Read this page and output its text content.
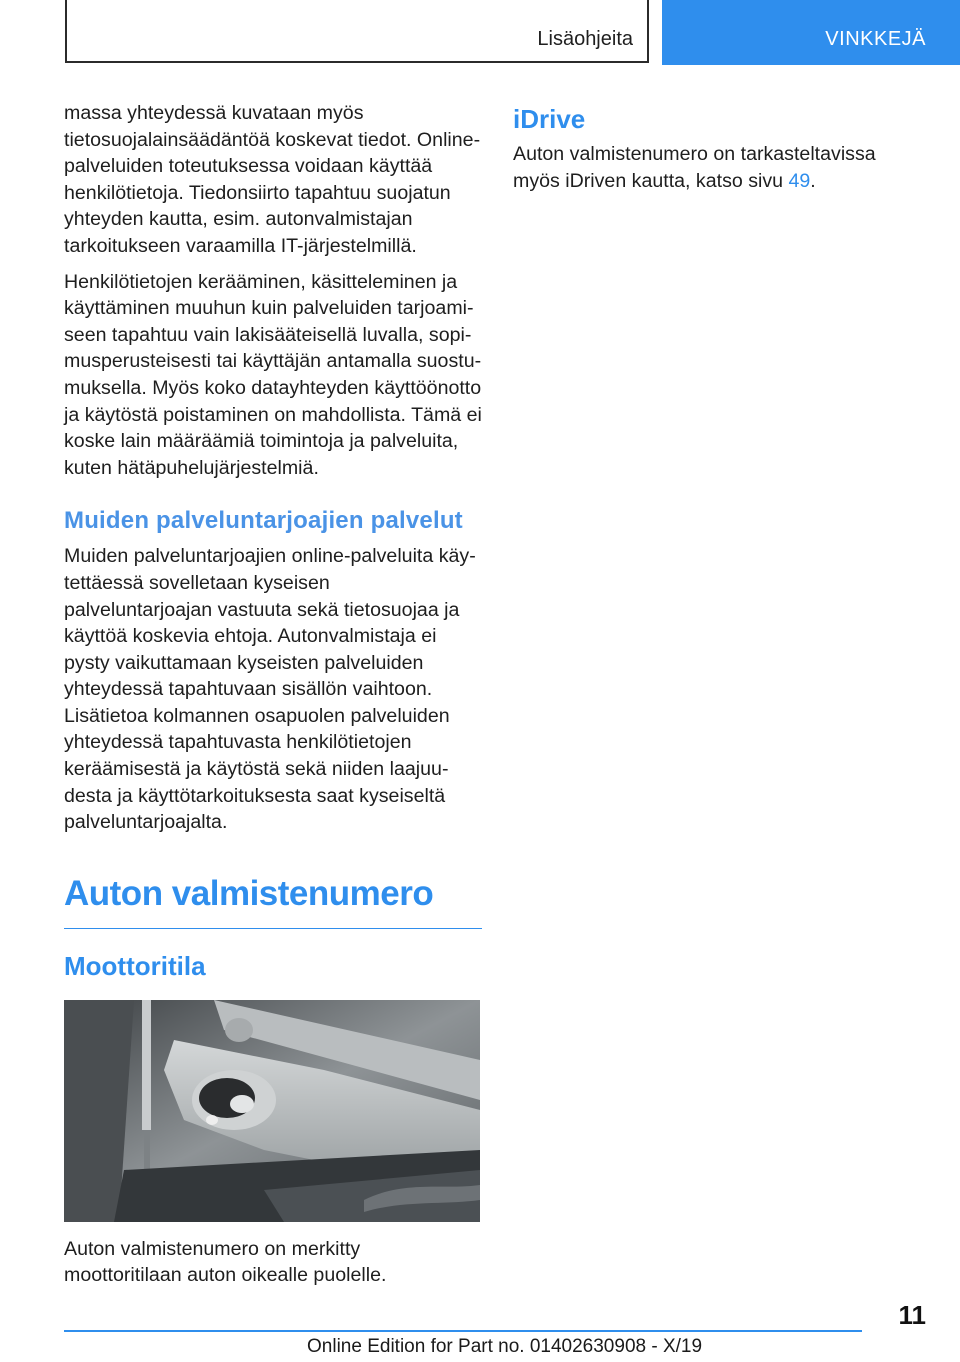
Lisäohjeita	VINKKEJÄ

massa yhteydessä kuvataan myös tietosuojalainsäädäntöä koskevat tiedot. Online-palveluiden toteutuksessa voidaan käyttää henkilötietoja. Tiedonsiirto tapahtuu suojatun yhteyden kautta, esim. autonvalmistajan tarkoitukseen varaamilla IT-järjestelmillä.

Henkilötietojen kerääminen, käsitteleminen ja käyttäminen muuhun kuin palveluiden tarjoamiseen tapahtuu vain lakisääteisellä luvalla, sopimusperusteisesti tai käyttäjän antamalla suostumuksella. Myös koko datayhteyden käyttöönotto ja käytöstä poistaminen on mahdollista. Tämä ei koske lain määräämiä toimintoja ja palveluita, kuten hätäpuhelujärjestelmiä.

Muiden palveluntarjoajien palvelut

Muiden palveluntarjoajien online-palveluita käytettäessä sovelletaan kyseisen palveluntarjoajan vastuuta sekä tietosuojaa ja käyttöä koskevia ehtoja. Autonvalmistaja ei pysty vaikuttamaan kyseisten palveluiden yhteydessä tapahtuvaan sisällön vaihtoon. Lisätietoa kolmannen osapuolen palveluiden yhteydessä tapahtuvasta henkilötietojen keräämisestä ja käytöstä sekä niiden laajuudesta ja käyttötarkoituksesta saat kyseiseltä palveluntarjoajalta.

Auton valmistenumero
Moottoritila

Auton valmistenumero on merkitty moottoritilaan auton oikealle puolelle.

iDrive

Auton valmistenumero on tarkasteltavissa myös iDriven kautta, katso sivu 49.

11
Online Edition for Part no. 01402630908 - X/19
